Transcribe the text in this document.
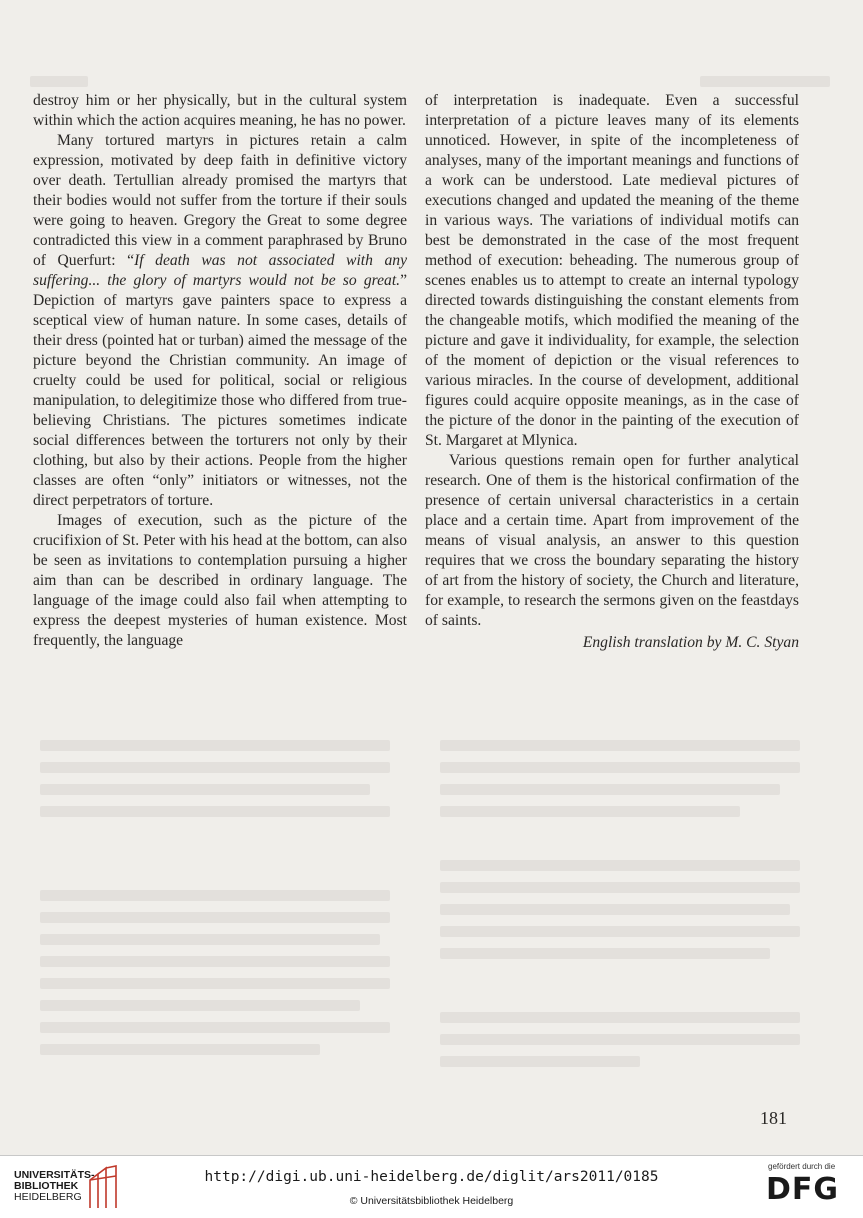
destroy him or her physically, but in the cultural system within which the action acquires meaning, he has no power.

Many tortured martyrs in pictures retain a calm expression, motivated by deep faith in definitive victory over death. Tertullian already promised the martyrs that their bodies would not suffer from the torture if their souls were going to heaven. Gregory the Great to some degree contradicted this view in a comment paraphrased by Bruno of Querfurt: “If death was not associated with any suffering... the glory of martyrs would not be so great.” Depiction of martyrs gave painters space to express a sceptical view of human nature. In some cases, details of their dress (pointed hat or turban) aimed the message of the picture beyond the Christian community. An image of cruelty could be used for political, social or religious manipulation, to delegitimize those who differed from true-believing Christians. The pictures sometimes indicate social differences between the torturers not only by their clothing, but also by their actions. People from the higher classes are often “only” initiators or witnesses, not the direct perpetrators of torture.

Images of execution, such as the picture of the crucifixion of St. Peter with his head at the bottom, can also be seen as invitations to contemplation pursuing a higher aim than can be described in ordinary language. The language of the image could also fail when attempting to express the deepest mysteries of human existence. Most frequently, the language

of interpretation is inadequate. Even a successful interpretation of a picture leaves many of its elements unnoticed. However, in spite of the incompleteness of analyses, many of the important meanings and functions of a work can be understood. Late medieval pictures of executions changed and updated the meaning of the theme in various ways. The variations of individual motifs can best be demonstrated in the case of the most frequent method of execution: beheading. The numerous group of scenes enables us to attempt to create an internal typology directed towards distinguishing the constant elements from the changeable motifs, which modified the meaning of the picture and gave it individuality, for example, the selection of the moment of depiction or the visual references to various miracles. In the course of development, additional figures could acquire opposite meanings, as in the case of the picture of the donor in the painting of the execution of St. Margaret at Mlynica.

Various questions remain open for further analytical research. One of them is the historical confirmation of the presence of certain universal characteristics in a certain place and a certain time. Apart from improvement of the means of visual analysis, an answer to this question requires that we cross the boundary separating the history of art from the history of society, the Church and literature, for example, to research the sermons given on the feastdays of saints.

English translation by M. C. Styan

181
UNIVERSITÄTS-
BIBLIOTHEK
HEIDELBERG
http://digi.ub.uni-heidelberg.de/diglit/ars2011/0185
© Universitätsbibliothek Heidelberg
gefördert durch die
DFG
